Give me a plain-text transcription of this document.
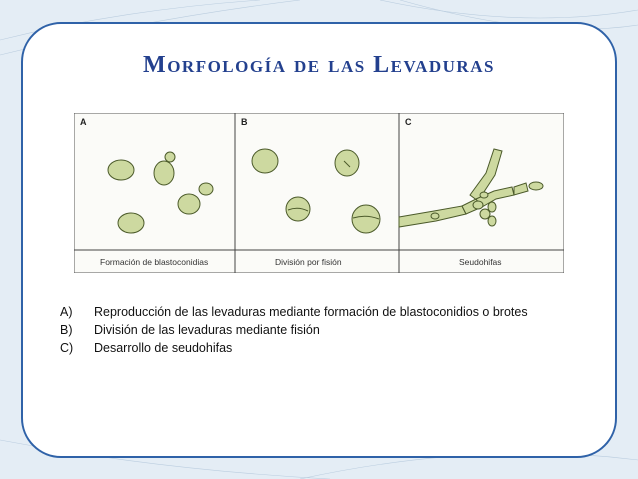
Morfología de las Levaduras
A
Formación de blastoconidias
B
División por fisión
C
Seudohifas
A)	Reproducción de las levaduras mediante formación de blastoconidios o brotes
B)	División de las levaduras mediante fisión
C)	Desarrollo de seudohifas
